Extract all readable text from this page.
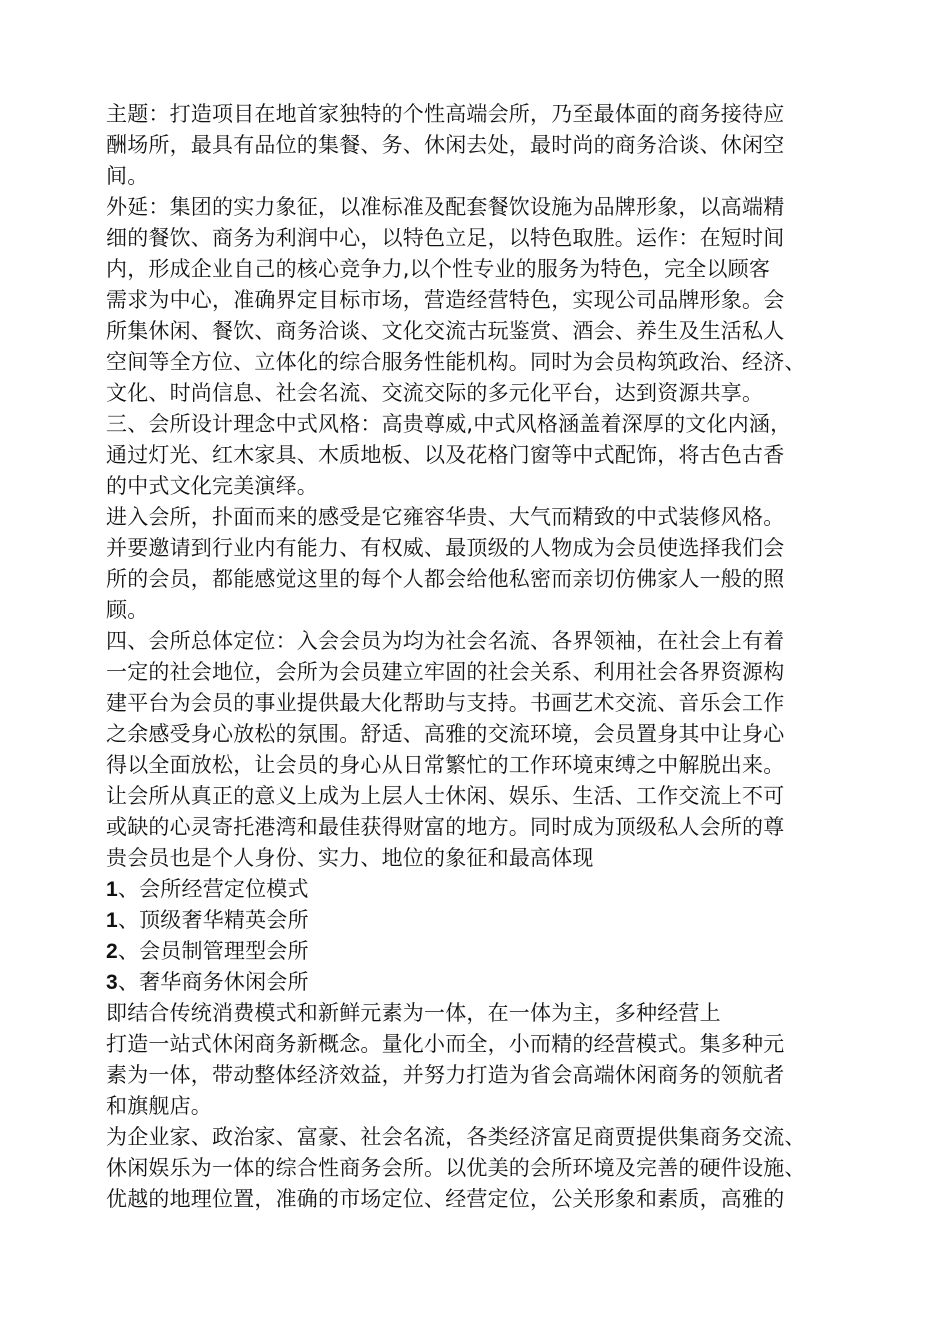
主题：打造项目在地首家独特的个性高端会所，乃至最体面的商务接待应
酬场所，最具有品位的集餐、务、休闲去处，最时尚的商务洽谈、休闲空
间。
外延：集团的实力象征，以准标准及配套餐饮设施为品牌形象，以高端精
细的餐饮、商务为利润中心，以特色立足，以特色取胜。运作：在短时间
内，形成企业自己的核心竞争力,以个性专业的服务为特色，完全以顾客
需求为中心，准确界定目标市场，营造经营特色，实现公司品牌形象。会
所集休闲、餐饮、商务洽谈、文化交流古玩鉴赏、酒会、养生及生活私人
空间等全方位、立体化的综合服务性能机构。同时为会员构筑政治、经济、
文化、时尚信息、社会名流、交流交际的多元化平台，达到资源共享。
三、会所设计理念中式风格：高贵尊威,中式风格涵盖着深厚的文化内涵，
通过灯光、红木家具、木质地板、以及花格门窗等中式配饰，将古色古香
的中式文化完美演绎。
进入会所，扑面而来的感受是它雍容华贵、大气而精致的中式装修风格。
并要邀请到行业内有能力、有权威、最顶级的人物成为会员使选择我们会
所的会员，都能感觉这里的每个人都会给他私密而亲切仿佛家人一般的照
顾。
四、会所总体定位：入会会员为均为社会名流、各界领袖，在社会上有着
一定的社会地位，会所为会员建立牢固的社会关系、利用社会各界资源构
建平台为会员的事业提供最大化帮助与支持。书画艺术交流、音乐会工作
之余感受身心放松的氛围。舒适、高雅的交流环境，会员置身其中让身心
得以全面放松，让会员的身心从日常繁忙的工作环境束缚之中解脱出来。
让会所从真正的意义上成为上层人士休闲、娱乐、生活、工作交流上不可
或缺的心灵寄托港湾和最佳获得财富的地方。同时成为顶级私人会所的尊
贵会员也是个人身份、实力、地位的象征和最高体现
1、会所经营定位模式
1、顶级奢华精英会所
2、会员制管理型会所
3、奢华商务休闲会所
即结合传统消费模式和新鲜元素为一体，在一体为主，多种经营上
打造一站式休闲商务新概念。量化小而全，小而精的经营模式。集多种元
素为一体，带动整体经济效益，并努力打造为省会高端休闲商务的领航者
和旗舰店。
为企业家、政治家、富豪、社会名流，各类经济富足商贾提供集商务交流、
休闲娱乐为一体的综合性商务会所。以优美的会所环境及完善的硬件设施、
优越的地理位置，准确的市场定位、经营定位，公关形象和素质，高雅的
